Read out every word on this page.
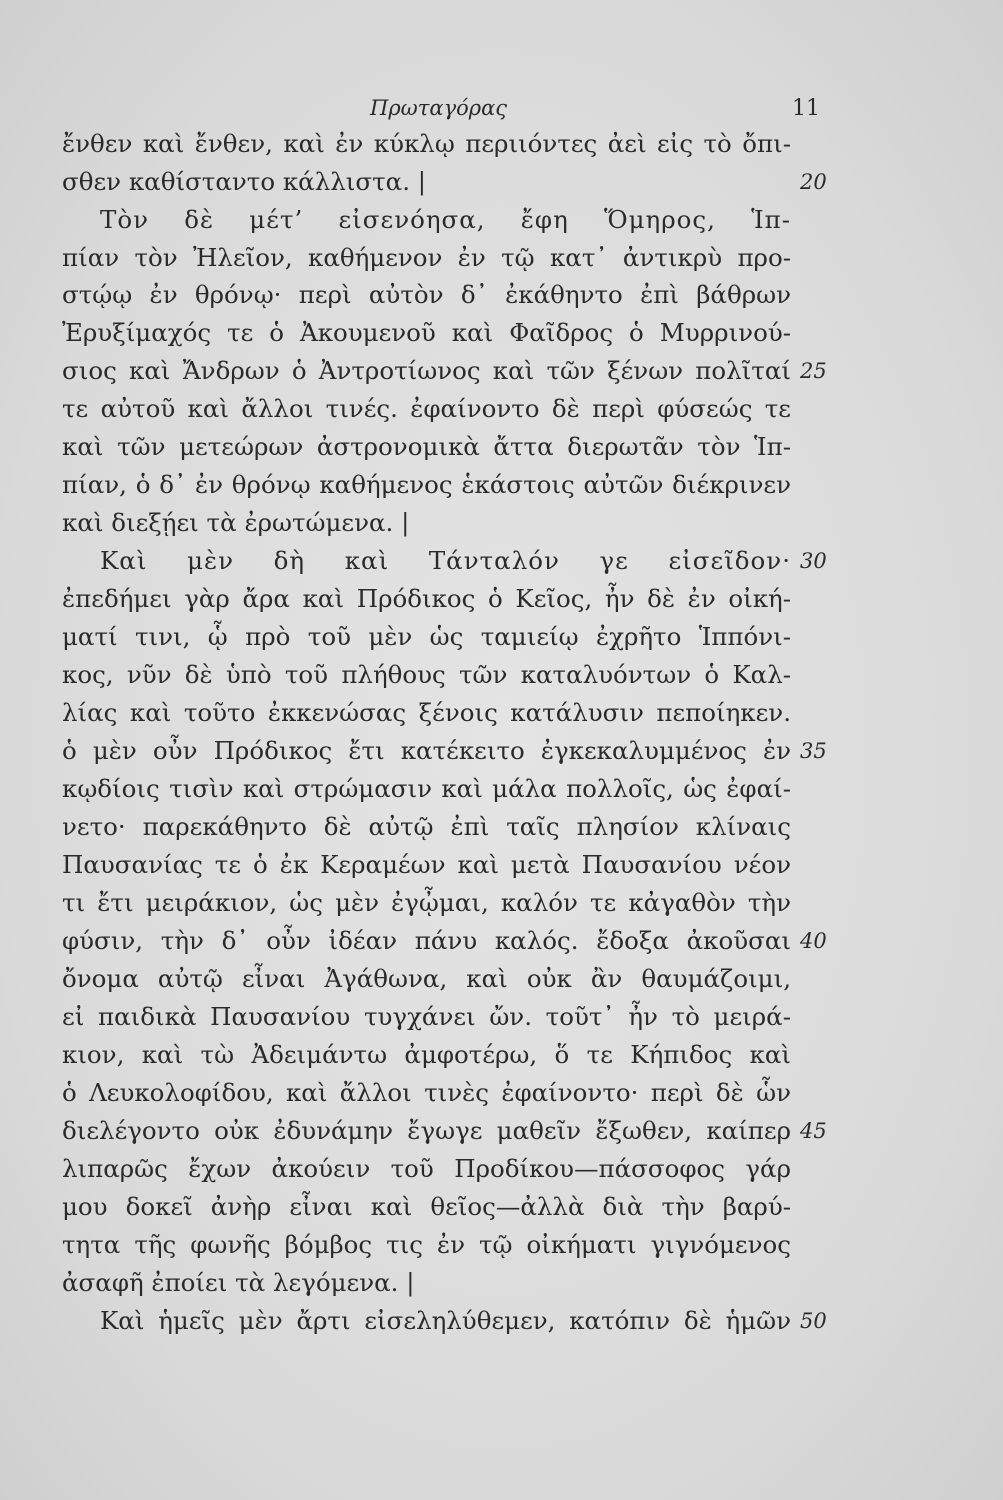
Πρωταγόρας	11
ἔνθεν καὶ ἔνθεν, καὶ ἐν κύκλῳ περιιόντες ἀεὶ εἰς τὸ ὄπι-
σθεν καθίσταντο κάλλιστα. |
Τὸν δὲ μέτ’ εἰσενόησα, ἔφη Ὅμηρος, Ἱπ-
πίαν τὸν Ἠλεῖον, καθήμενον ἐν τῷ κατ᾽ ἀντικρὺ προ-
στῴῳ ἐν θρόνῳ· περὶ αὐτὸν δ᾽ ἐκάθηντο ἐπὶ βάθρων
Ἐρυξίμαχός τε ὁ Ἀκουμενοῦ καὶ Φαῖδρος ὁ Μυρρινού-
σιος καὶ Ἄνδρων ὁ Ἀντροτίωνος καὶ τῶν ξένων πολῖταί
τε αὐτοῦ καὶ ἄλλοι τινές. ἐφαίνοντο δὲ περὶ φύσεώς τε
καὶ τῶν μετεώρων ἀστρονομικὰ ἄττα διερωτᾶν τὸν Ἱπ-
πίαν, ὁ δ᾽ ἐν θρόνῳ καθήμενος ἑκάστοις αὐτῶν διέκρινεν
καὶ διεξῄει τὰ ἐρωτώμενα. |
Καὶ μὲν δὴ καὶ Τάνταλόν γε εἰσεῖδον·
ἐπεδήμει γὰρ ἄρα καὶ Πρόδικος ὁ Κεῖος, ἦν δὲ ἐν οἰκή-
ματί τινι, ᾧ πρὸ τοῦ μὲν ὡς ταμιείῳ ἐχρῆτο Ἱππόνι-
κος, νῦν δὲ ὑπὸ τοῦ πλήθους τῶν καταλυόντων ὁ Καλ-
λίας καὶ τοῦτο ἐκκενώσας ξένοις κατάλυσιν πεποίηκεν.
ὁ μὲν οὖν Πρόδικος ἔτι κατέκειτο ἐγκεκαλυμμένος ἐν
κῳδίοις τισὶν καὶ στρώμασιν καὶ μάλα πολλοῖς, ὡς ἐφαί-
νετο· παρεκάθηντο δὲ αὐτῷ ἐπὶ ταῖς πλησίον κλίναις
Παυσανίας τε ὁ ἐκ Κεραμέων καὶ μετὰ Παυσανίου νέον
τι ἔτι μειράκιον, ὡς μὲν ἐγᾦμαι, καλόν τε κἀγαθὸν τὴν
φύσιν, τὴν δ᾽ οὖν ἰδέαν πάνυ καλός. ἔδοξα ἀκοῦσαι
ὄνομα αὐτῷ εἶναι Ἀγάθωνα, καὶ οὐκ ἂν θαυμάζοιμι,
εἰ παιδικὰ Παυσανίου τυγχάνει ὤν. τοῦτ᾽ ἦν τὸ μειρά-
κιον, καὶ τὼ Ἀδειμάντω ἀμφοτέρω, ὅ τε Κήπιδος καὶ
ὁ Λευκολοφίδου, καὶ ἄλλοι τινὲς ἐφαίνοντο· περὶ δὲ ὧν
διελέγοντο οὐκ ἐδυνάμην ἔγωγε μαθεῖν ἔξωθεν, καίπερ
λιπαρῶς ἔχων ἀκούειν τοῦ Προδίκου—πάσσοφος γάρ
μου δοκεῖ ἀνὴρ εἶναι καὶ θεῖος—ἀλλὰ διὰ τὴν βαρύ-
τητα τῆς φωνῆς βόμβος τις ἐν τῷ οἰκήματι γιγνόμενος
ἀσαφῆ ἐποίει τὰ λεγόμενα. |
Καὶ ἡμεῖς μὲν ἄρτι εἰσεληλύθεμεν, κατόπιν δὲ ἡμῶν
20
25
30
35
40
45
50
